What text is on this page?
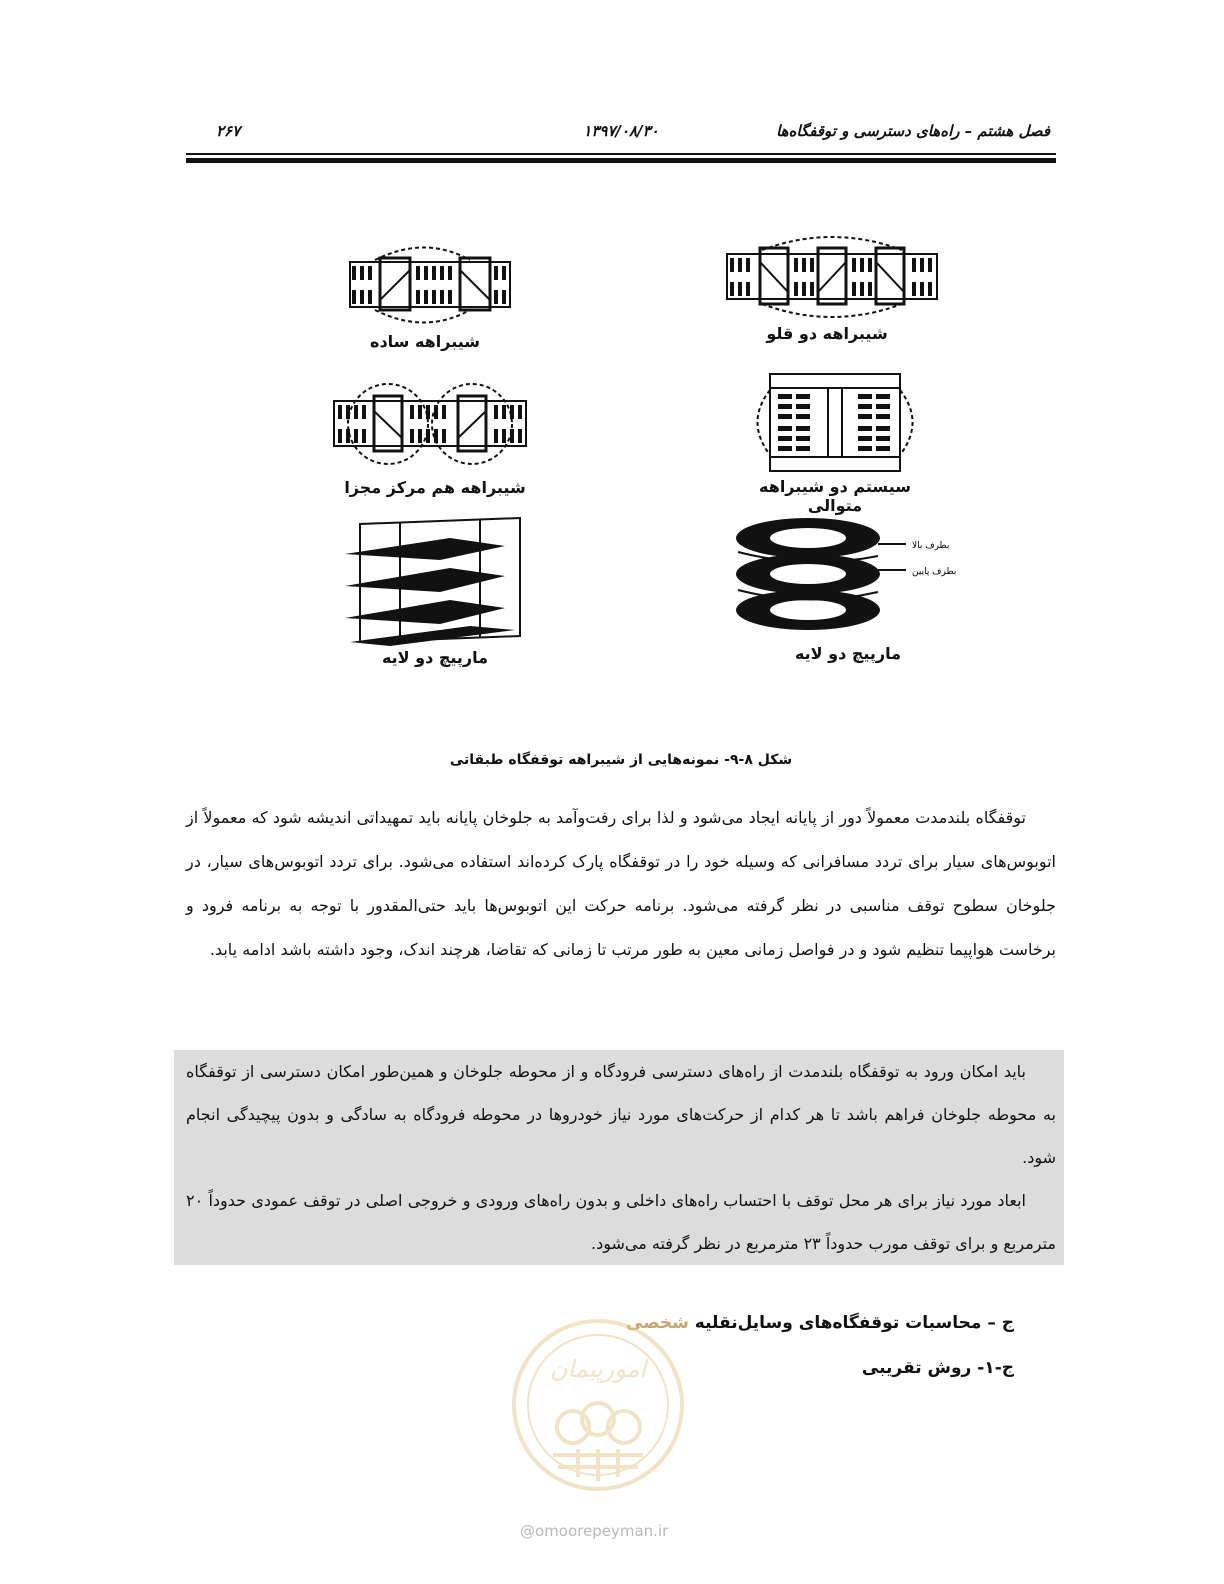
فصل هشتم – راه‌های دسترسی و توقفگاه‌ها
۱۳۹۷/۰۸/۳۰
۲۶۷
شیبراهه ساده	شیبراهه دو قلو
شیبراهه هم مرکز مجزا	سیستم دو شیبراهه متوالی
مارپیچ دو لایه
بطرف بالا
بطرف پایین
مارپیچ دو لایه
شکل ۸-۹- نمونه‌هایی از شیبراهه توقفگاه طبقاتی
توقفگاه بلندمدت معمولاً دور از پایانه ایجاد می‌شود و لذا برای رفت‌وآمد به جلوخان پایانه باید تمهیداتی اندیشه شود که معمولاً از اتوبوس‌های سیار برای تردد مسافرانی که وسیله خود را در توقفگاه پارک کرده‌اند استفاده می‌شود. برای تردد اتوبوس‌های سیار، در جلوخان سطوح توقف مناسبی در نظر گرفته می‌شود. برنامه حرکت این اتوبوس‌ها باید حتی‌المقدور با توجه به برنامه فرود و برخاست هواپیما تنظیم شود و در فواصل زمانی معین به طور مرتب تا زمانی که تقاضا، هرچند اندک، وجود داشته باشد ادامه یابد.
باید امکان ورود به توقفگاه بلندمدت از راه‌های دسترسی فرودگاه و از محوطه جلوخان و همین‌طور امکان دسترسی از توقفگاه به محوطه جلوخان فراهم باشد تا هر کدام از حرکت‌های مورد نیاز خودروها در محوطه فرودگاه به سادگی و بدون پیچیدگی انجام شود.
ابعاد مورد نیاز برای هر محل توقف با احتساب راه‌های داخلی و بدون راه‌های ورودی و خروجی اصلی در توقف عمودی حدوداً ۲۰ مترمربع و برای توقف مورب حدوداً ۲۳ مترمربع در نظر گرفته می‌شود.
ج – محاسبات توقفگاه‌های وسایل‌نقلیه شخصی
ج-۱- روش تقریبی
امورپیمان
@omoorepeyman.ir
